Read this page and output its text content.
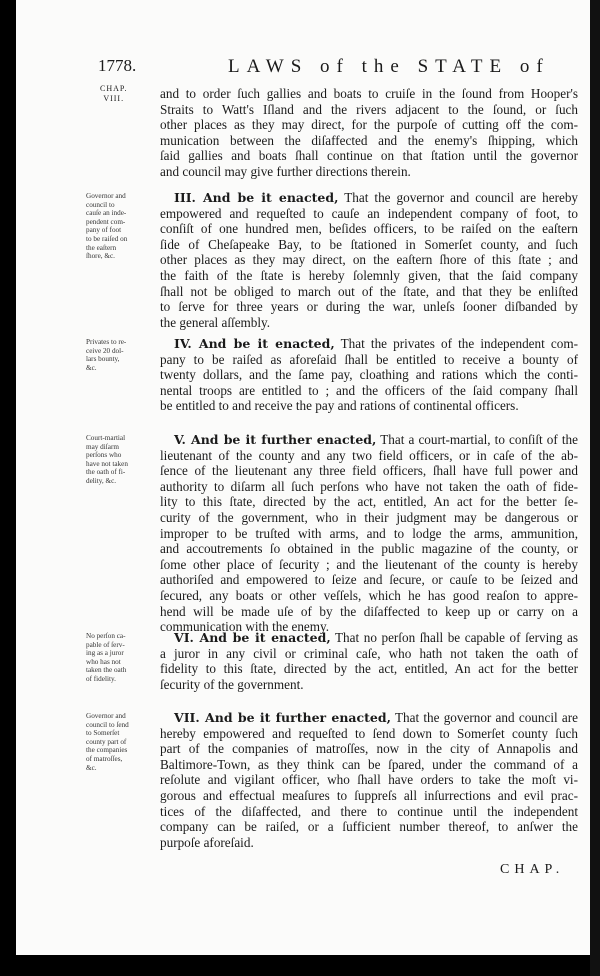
1778.	LAWS of the STATE of
CHAP.
VIII.	and to order ſuch gallies and boats to cruiſe in the ſound from Hooper's
Straits to Watt's Iſland and the rivers adjacent to the ſound, or ſuch
other places as they may direct, for the purpoſe of cutting off the com-
munication between the diſaffected and the enemy's ſhipping, which
ſaid gallies and boats ſhall continue on that ſtation until the governor
and council may give further directions therein.
Governor and
council to
cauſe an inde-
pendent com-
pany of foot
to be raiſed on
the eaſtern
ſhore, &c.
III. And be it enacted, That the governor and council are hereby
empowered and requeſted to cauſe an independent company of foot, to
conſiſt of one hundred men, beſides officers, to be raiſed on the eaſtern
ſide of Cheſapeake Bay, to be ſtationed in Somerſet county, and ſuch
other places as they may direct, on the eaſtern ſhore of this ſtate ; and
the faith of the ſtate is hereby ſolemnly given, that the ſaid company
ſhall not be obliged to march out of the ſtate, and that they be enliſted
to ſerve for three years or during the war, unleſs ſooner diſbanded by
the general aſſembly.
Privates to re-
ceive 20 dol-
lars bounty,
&c.
IV. And be it enacted, That the privates of the independent com-
pany to be raiſed as aforeſaid ſhall be entitled to receive a bounty of
twenty dollars, and the ſame pay, cloathing and rations which the conti-
nental troops are entitled to ; and the officers of the ſaid company ſhall
be entitled to and receive the pay and rations of continental officers.
Court-martial
may diſarm
perſons who
have not taken
the oath of fi-
delity, &c.
V. And be it further enacted, That a court-martial, to conſiſt of the
lieutenant of the county and any two field officers, or in caſe of the ab-
ſence of the lieutenant any three field officers, ſhall have full power and
authority to diſarm all ſuch perſons who have not taken the oath of fide-
lity to this ſtate, directed by the act, entitled, An act for the better ſe-
curity of the government, who in their judgment may be dangerous or
improper to be truſted with arms, and to lodge the arms, ammunition,
and accoutrements ſo obtained in the public magazine of the county, or
ſome other place of ſecurity ; and the lieutenant of the county is hereby
authoriſed and empowered to ſeize and ſecure, or cauſe to be ſeized and
ſecured, any boats or other veſſels, which he has good reaſon to appre-
hend will be made uſe of by the diſaffected to keep up or carry on a
communication with the enemy.
No perſon ca-
pable of ſerv-
ing as a juror
who has not
taken the oath
of fidelity.
VI. And be it enacted, That no perſon ſhall be capable of ſerving as
a juror in any civil or criminal caſe, who hath not taken the oath of
fidelity to this ſtate, directed by the act, entitled, An act for the better
ſecurity of the government.
Governor and
council to ſend
to Somerſet
county part of
the companies
of matroſſes,
&c.
VII. And be it further enacted, That the governor and council are
hereby empowered and requeſted to ſend down to Somerſet county ſuch
part of the companies of matroſſes, now in the city of Annapolis and
Baltimore-Town, as they think can be ſpared, under the command of a
reſolute and vigilant officer, who ſhall have orders to take the moſt vi-
gorous and effectual meaſures to ſuppreſs all inſurrections and evil prac-
tices of the diſaffected, and there to continue until the independent
company can be raiſed, or a ſufficient number thereof, to anſwer the
purpoſe aforeſaid.
CHAP.
